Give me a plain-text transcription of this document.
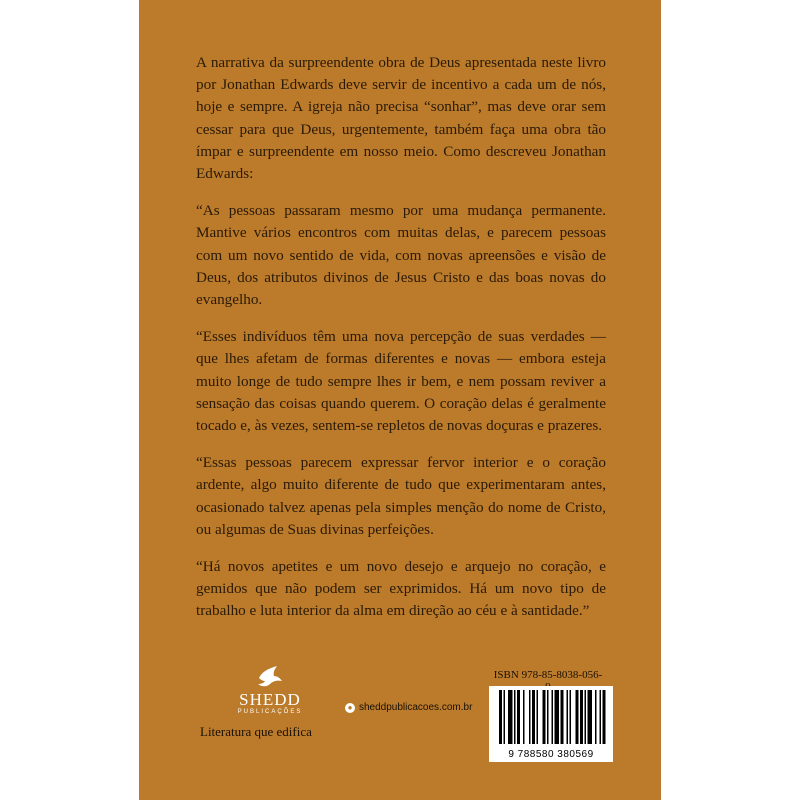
A narrativa da surpreendente obra de Deus apresentada neste livro por Jonathan Edwards deve servir de incentivo a cada um de nós, hoje e sempre. A igreja não precisa “sonhar”, mas deve orar sem cessar para que Deus, urgentemente, também faça uma obra tão ímpar e surpreendente em nosso meio. Como descreveu Jonathan Edwards:

“As pessoas passaram mesmo por uma mudança permanente. Mantive vários encontros com muitas delas, e parecem pessoas com um novo sentido de vida, com novas apreensões e visão de Deus, dos atributos divinos de Jesus Cristo e das boas novas do evangelho.

“Esses indivíduos têm uma nova percepção de suas verdades — que lhes afetam de formas diferentes e novas — embora esteja muito longe de tudo sempre lhes ir bem, e nem possam reviver a sensação das coisas quando querem. O coração delas é geralmente tocado e, às vezes, sentem-se repletos de novas doçuras e prazeres.

“Essas pessoas parecem expressar fervor interior e o coração ardente, algo muito diferente de tudo que experimentaram antes, ocasionado talvez apenas pela simples menção do nome de Cristo, ou algumas de Suas divinas perfeições.

“Há novos apetites e um novo desejo e arquejo no coração, e gemidos que não podem ser exprimidos. Há um novo tipo de trabalho e luta interior da alma em direção ao céu e à santidade.”

SHEDD
PUBLICAÇÕES
Literatura que edifica
● sheddpublicacoes.com.br
ISBN 978-85-8038-056-
9 788580 380569
